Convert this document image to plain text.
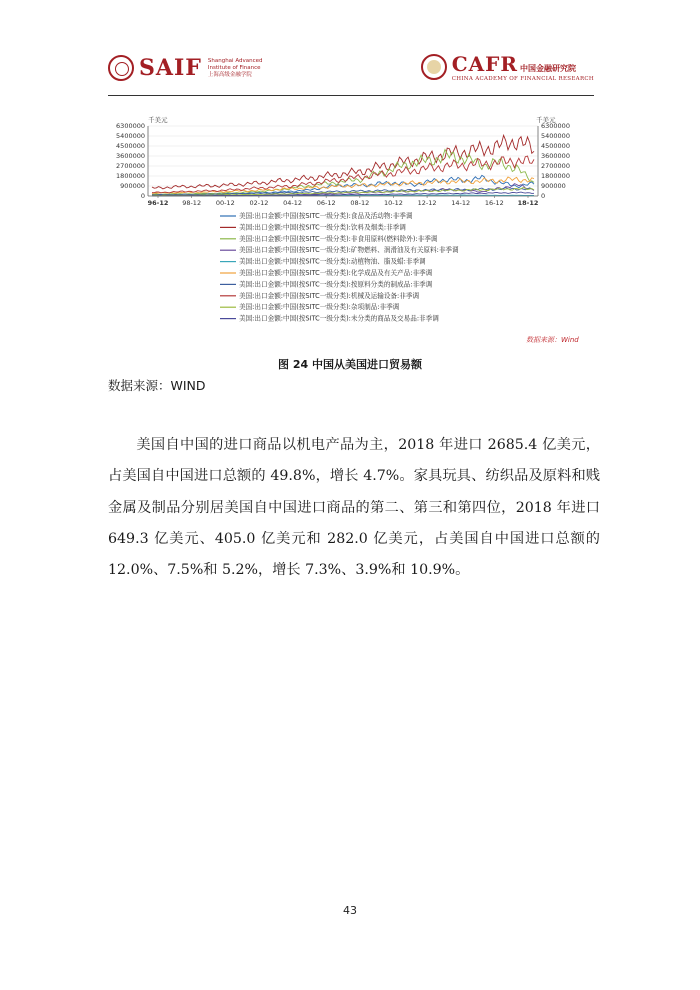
SAIF Shanghai Advanced
Institute of Finance
上海高级金融学院	CAFR 中国金融研究院
CHINA ACADEMY OF FINANCIAL RESEARCH
6300000	6300000
5400000	5400000
4500000	4500000
3600000	3600000
2700000	2700000
1800000	1800000
900000	900000
0	0
96-12 98-12 00-12 02-12 04-12 06-12 08-12 10-12 12-12 14-12 16-12 18-12
美国:出口金额:中国(按SITC一级分类):食品及活动物:非季调
美国:出口金额:中国(按SITC一级分类):饮料及烟类:非季调
美国:出口金额:中国(按SITC一级分类):非食用原料(燃料除外):非季调
美国:出口金额:中国(按SITC一级分类):矿物燃料、润滑油及有关原料:非季调
美国:出口金额:中国(按SITC一级分类):动植物油、脂及蜡:非季调
美国:出口金额:中国(按SITC一级分类):化学成品及有关产品:非季调
美国:出口金额:中国(按SITC一级分类):按原料分类的制成品:非季调
美国:出口金额:中国(按SITC一级分类):机械及运输设备:非季调
美国:出口金额:中国(按SITC一级分类):杂项制品:非季调
美国:出口金额:中国(按SITC一级分类):未分类的商品及交易品:非季调
千美元	千美元
数据来源：Wind
图 24 中国从美国进口贸易额
数据来源：WIND

美国自中国的进口商品以机电产品为主，2018 年进口 2685.4 亿美元，占美国自中国进口总额的 49.8%，增长 4.7%。家具玩具、纺织品及原料和贱金属及制品分别居美国自中国进口商品的第二、第三和第四位，2018 年进口 649.3 亿美元、405.0 亿美元和 282.0 亿美元，占美国自中国进口总额的 12.0%、7.5%和 5.2%，增长 7.3%、3.9%和 10.9%。

43
